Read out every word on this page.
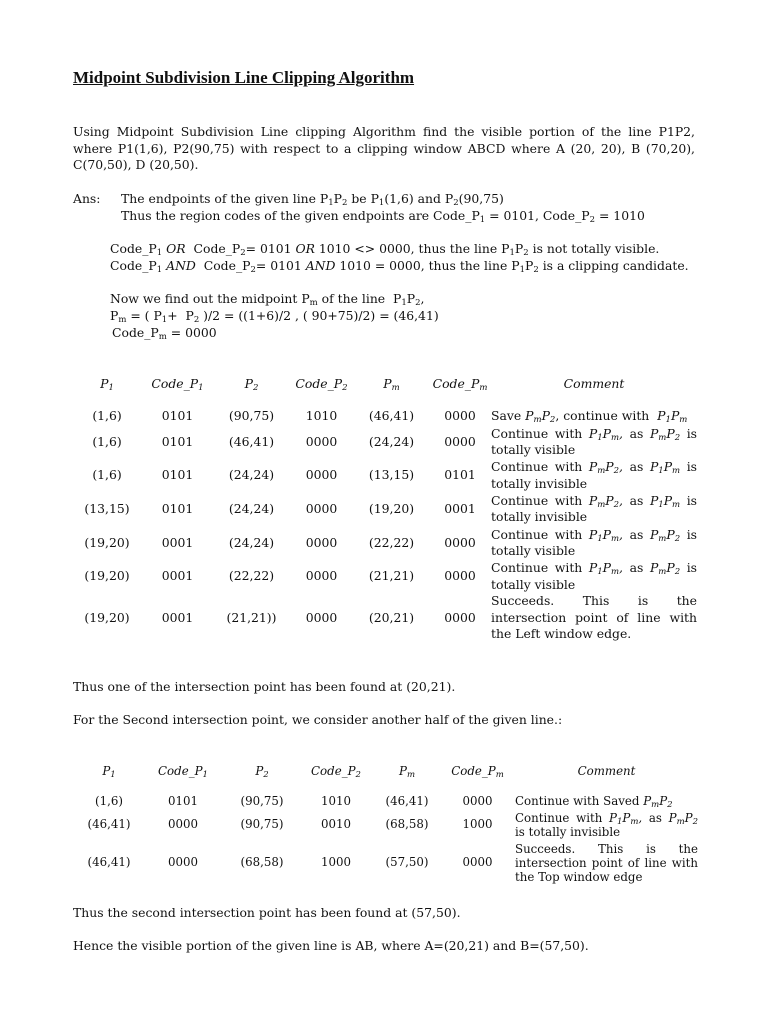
Midpoint Subdivision Line Clipping Algorithm
Using Midpoint Subdivision Line clipping Algorithm find the visible portion of the line P1P2, where P1(1,6), P2(90,75) with respect to a clipping window ABCD where A (20, 20), B (70,20), C(70,50), D (20,50).
Ans: The endpoints of the given line $P_1P_2$ be $P_1(1,6)$ and $P_2(90,75)$
Thus the region codes of the given endpoints are $Code\_P_1 = 0101$, $Code\_P_2 = 1010$
$Code\_P_1$ OR  $Code\_P_2= 0101$ OR 1010 <> 0000, thus the line $P_1P_2$ is not totally visible.
$Code\_P_1$ AND  $Code\_P_2= 0101$ AND 1010 = 0000, thus the line $P_1P_2$ is a clipping candidate.
Now we find out the midpoint $P_m$ of the line  $P_1P_2$,
$P_m$ = ( $P_1+ P_2$ )/2 = ((1+6)/2 , ( 90+75)/2) = (46,41)
$Code\_P_m = 0000$
$P_1$	$Code\_P_1$	$P_2$	$Code\_P_2$	$P_m$	$Code\_P_m$	Comment

(1,6)	0101	(90,75)	1010	(46,41)	0000	Save $P_mP_2$, continue with  $P_1P_m$
(1,6)	0101	(46,41)	0000	(24,24)	0000	Continue with $P_1P_m$, as $P_mP_2$ is totally visible
(1,6)	0101	(24,24)	0000	(13,15)	0101	Continue with $P_mP_2$, as $P_1P_m$ is totally invisible
(13,15)	0101	(24,24)	0000	(19,20)	0001	Continue with $P_mP_2$, as $P_1P_m$ is totally invisible
(19,20)	0001	(24,24)	0000	(22,22)	0000	Continue with $P_1P_m$, as $P_mP_2$ is totally visible
(19,20)	0001	(22,22)	0000	(21,21)	0000	Continue with $P_1P_m$, as $P_mP_2$ is totally visible
(19,20)	0001	(21,21))	0000	(20,21)	0000	Succeeds. This is the intersection point of line with the Left window edge.
Thus one of the intersection point has been found at (20,21).
For the Second intersection point, we consider another half of the given line.:
$P_1$	$Code\_P_1$	$P_2$	$Code\_P_2$	$P_m$	$Code\_P_m$	Comment

(1,6)	0101	(90,75)	1010	(46,41)	0000	Continue with Saved $P_mP_2$
(46,41)	0000	(90,75)	0010	(68,58)	1000	Continue with $P_1P_m$, as $P_mP_2$ is totally invisible
(46,41)	0000	(68,58)	1000	(57,50)	0000	Succeeds. This is the intersection point of line with the Top window edge
Thus the second intersection point has been found at (57,50).
Hence the visible portion of the given line is AB, where A=(20,21) and B=(57,50).
